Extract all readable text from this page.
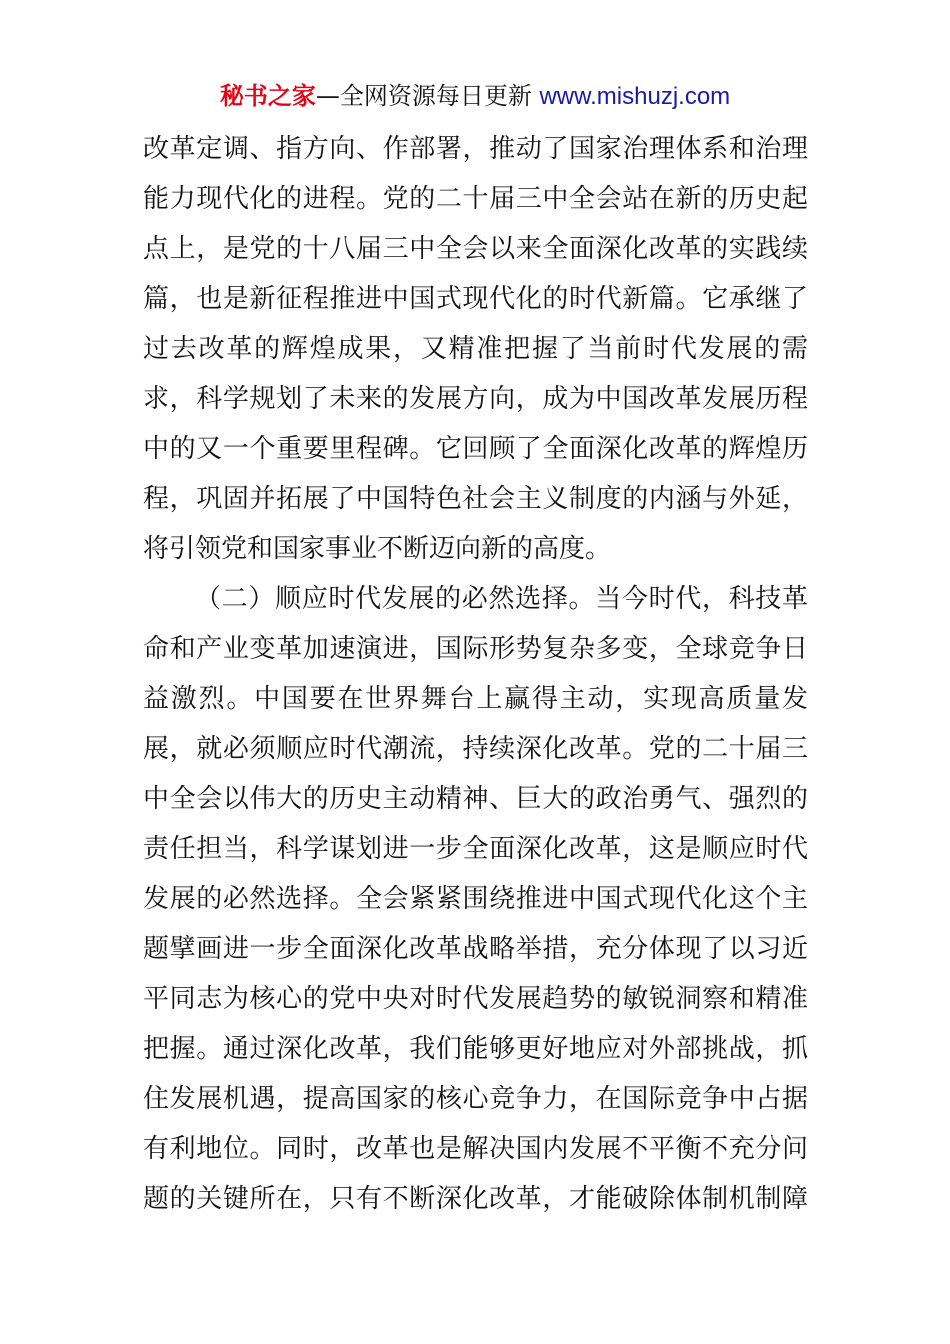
秘书之家—全网资源每日更新 www.mishuzj.com
改革定调、指方向、作部署，推动了国家治理体系和治理
能力现代化的进程。党的二十届三中全会站在新的历史起
点上，是党的十八届三中全会以来全面深化改革的实践续
篇，也是新征程推进中国式现代化的时代新篇。它承继了
过去改革的辉煌成果，又精准把握了当前时代发展的需
求，科学规划了未来的发展方向，成为中国改革发展历程
中的又一个重要里程碑。它回顾了全面深化改革的辉煌历
程，巩固并拓展了中国特色社会主义制度的内涵与外延，
将引领党和国家事业不断迈向新的高度。
（二）顺应时代发展的必然选择。当今时代，科技革
命和产业变革加速演进，国际形势复杂多变，全球竞争日
益激烈。中国要在世界舞台上赢得主动，实现高质量发
展，就必须顺应时代潮流，持续深化改革。党的二十届三
中全会以伟大的历史主动精神、巨大的政治勇气、强烈的
责任担当，科学谋划进一步全面深化改革，这是顺应时代
发展的必然选择。全会紧紧围绕推进中国式现代化这个主
题擘画进一步全面深化改革战略举措，充分体现了以习近
平同志为核心的党中央对时代发展趋势的敏锐洞察和精准
把握。通过深化改革，我们能够更好地应对外部挑战，抓
住发展机遇，提高国家的核心竞争力，在国际竞争中占据
有利地位。同时，改革也是解决国内发展不平衡不充分问
题的关键所在，只有不断深化改革，才能破除体制机制障
